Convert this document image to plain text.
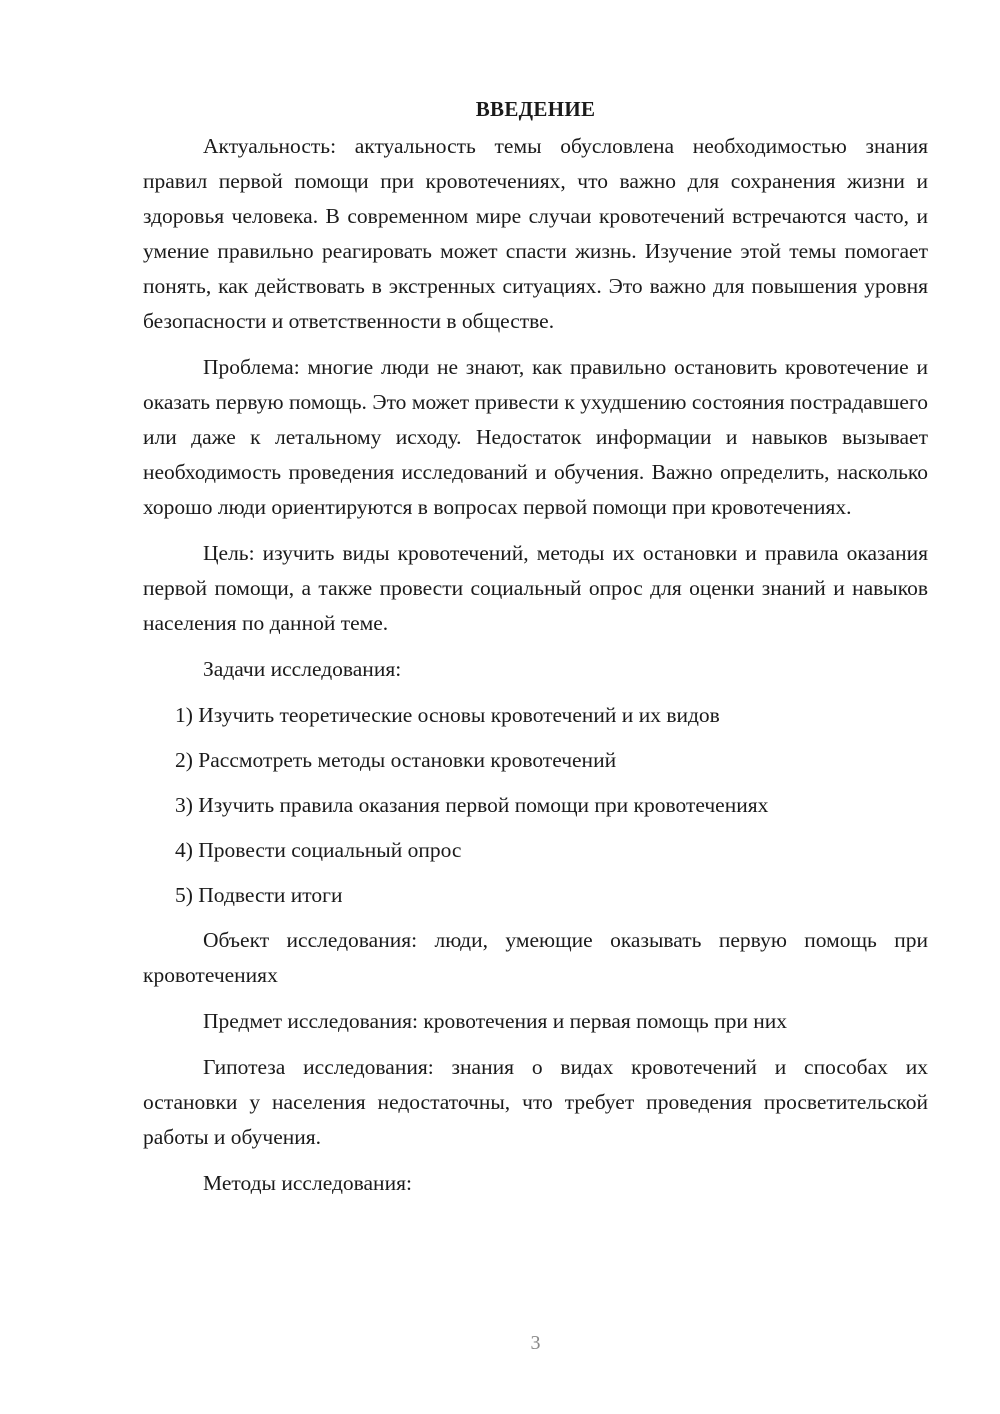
ВВЕДЕНИЕ

Актуальность: актуальность темы обусловлена необходимостью знания правил первой помощи при кровотечениях, что важно для сохранения жизни и здоровья человека. В современном мире случаи кровотечений встречаются часто, и умение правильно реагировать может спасти жизнь. Изучение этой темы помогает понять, как действовать в экстренных ситуациях. Это важно для повышения уровня безопасности и ответственности в обществе.

Проблема: многие люди не знают, как правильно остановить кровотечение и оказать первую помощь. Это может привести к ухудшению состояния пострадавшего или даже к летальному исходу. Недостаток информации и навыков вызывает необходимость проведения исследований и обучения. Важно определить, насколько хорошо люди ориентируются в вопросах первой помощи при кровотечениях.

Цель: изучить виды кровотечений, методы их остановки и правила оказания первой помощи, а также провести социальный опрос для оценки знаний и навыков населения по данной теме.

Задачи исследования:

1) Изучить теоретические основы кровотечений и их видов
2) Рассмотреть методы остановки кровотечений
3) Изучить правила оказания первой помощи при кровотечениях
4) Провести социальный опрос
5) Подвести итоги

Объект исследования: люди, умеющие оказывать первую помощь при кровотечениях

Предмет исследования: кровотечения и первая помощь при них

Гипотеза исследования: знания о видах кровотечений и способах их остановки у населения недостаточны, что требует проведения просветительской работы и обучения.

Методы исследования:

3
